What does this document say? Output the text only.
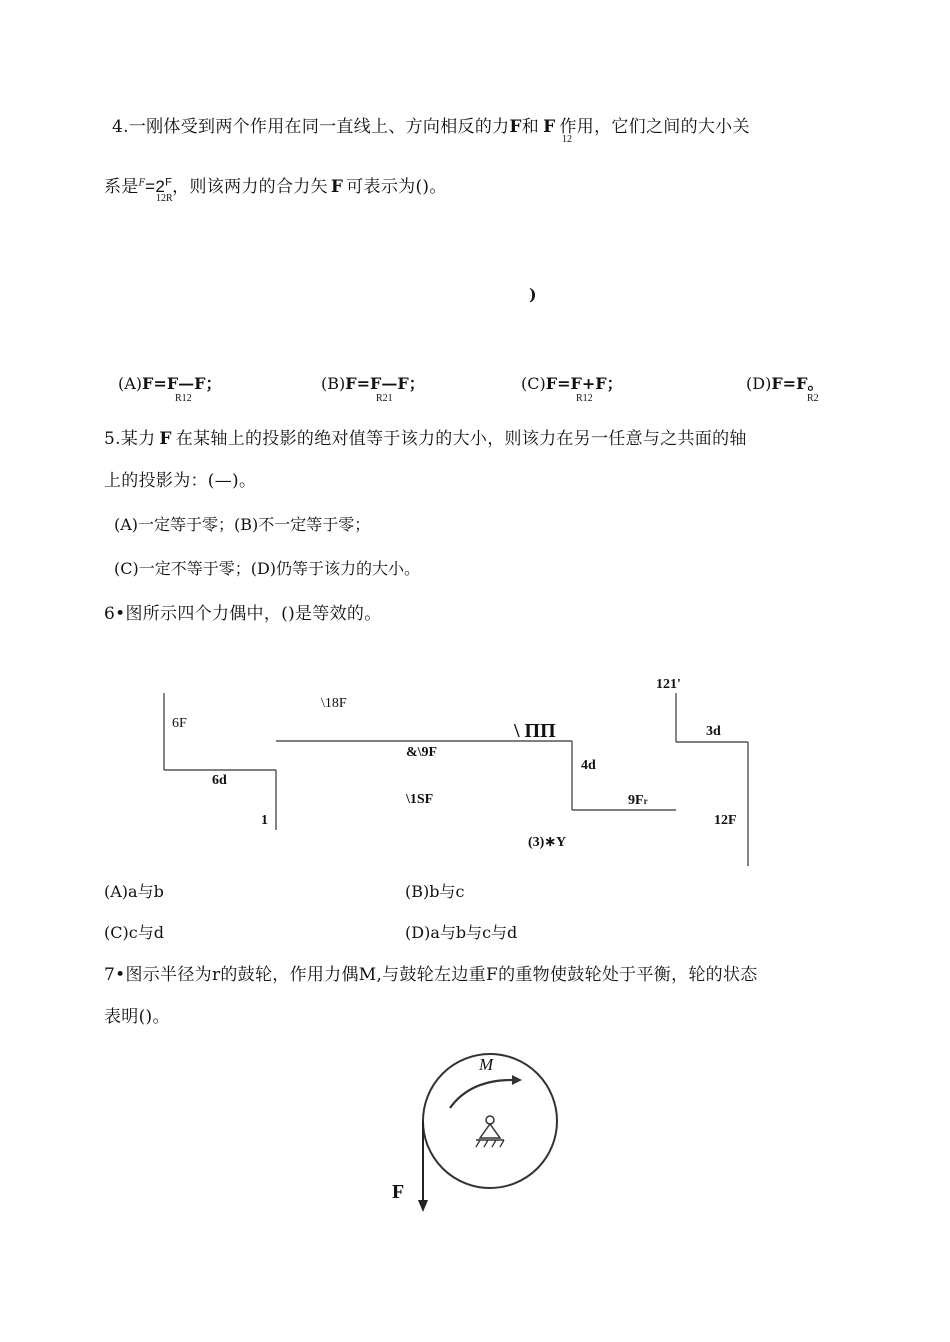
4.一刚体受到两个作用在同一直线上、方向相反的力F和 F 作用，它们之间的大小关
12
系是$^F=2^F$，则该两力的合力矢 F 可表示为()。
12R
)
(A)F=F—F；
R12
(B)F=F—F；
R21
(C)F=F+F；
R12
(D)F=F。
R2
5.某力 F 在某轴上的投影的绝对值等于该力的大小，则该力在另一任意与之共面的轴
上的投影为：(—)。
(A)一定等于零；(B)不一定等于零；
(C)一定不等于零；(D)仍等于该力的大小。
6•图所示四个力偶中，()是等效的。
6F
\18F
121'
3d
\ ΠΠ
&\9F
6d
4d
\1SF	9Fr
12F
1
(3)∗Y
(A)a与b	(B)b与c
(C)c与d	(D)a与b与c与d
7•图示半径为r的鼓轮，作用力偶M,与鼓轮左边重F的重物使鼓轮处于平衡，轮的状态
表明()。
M
F
